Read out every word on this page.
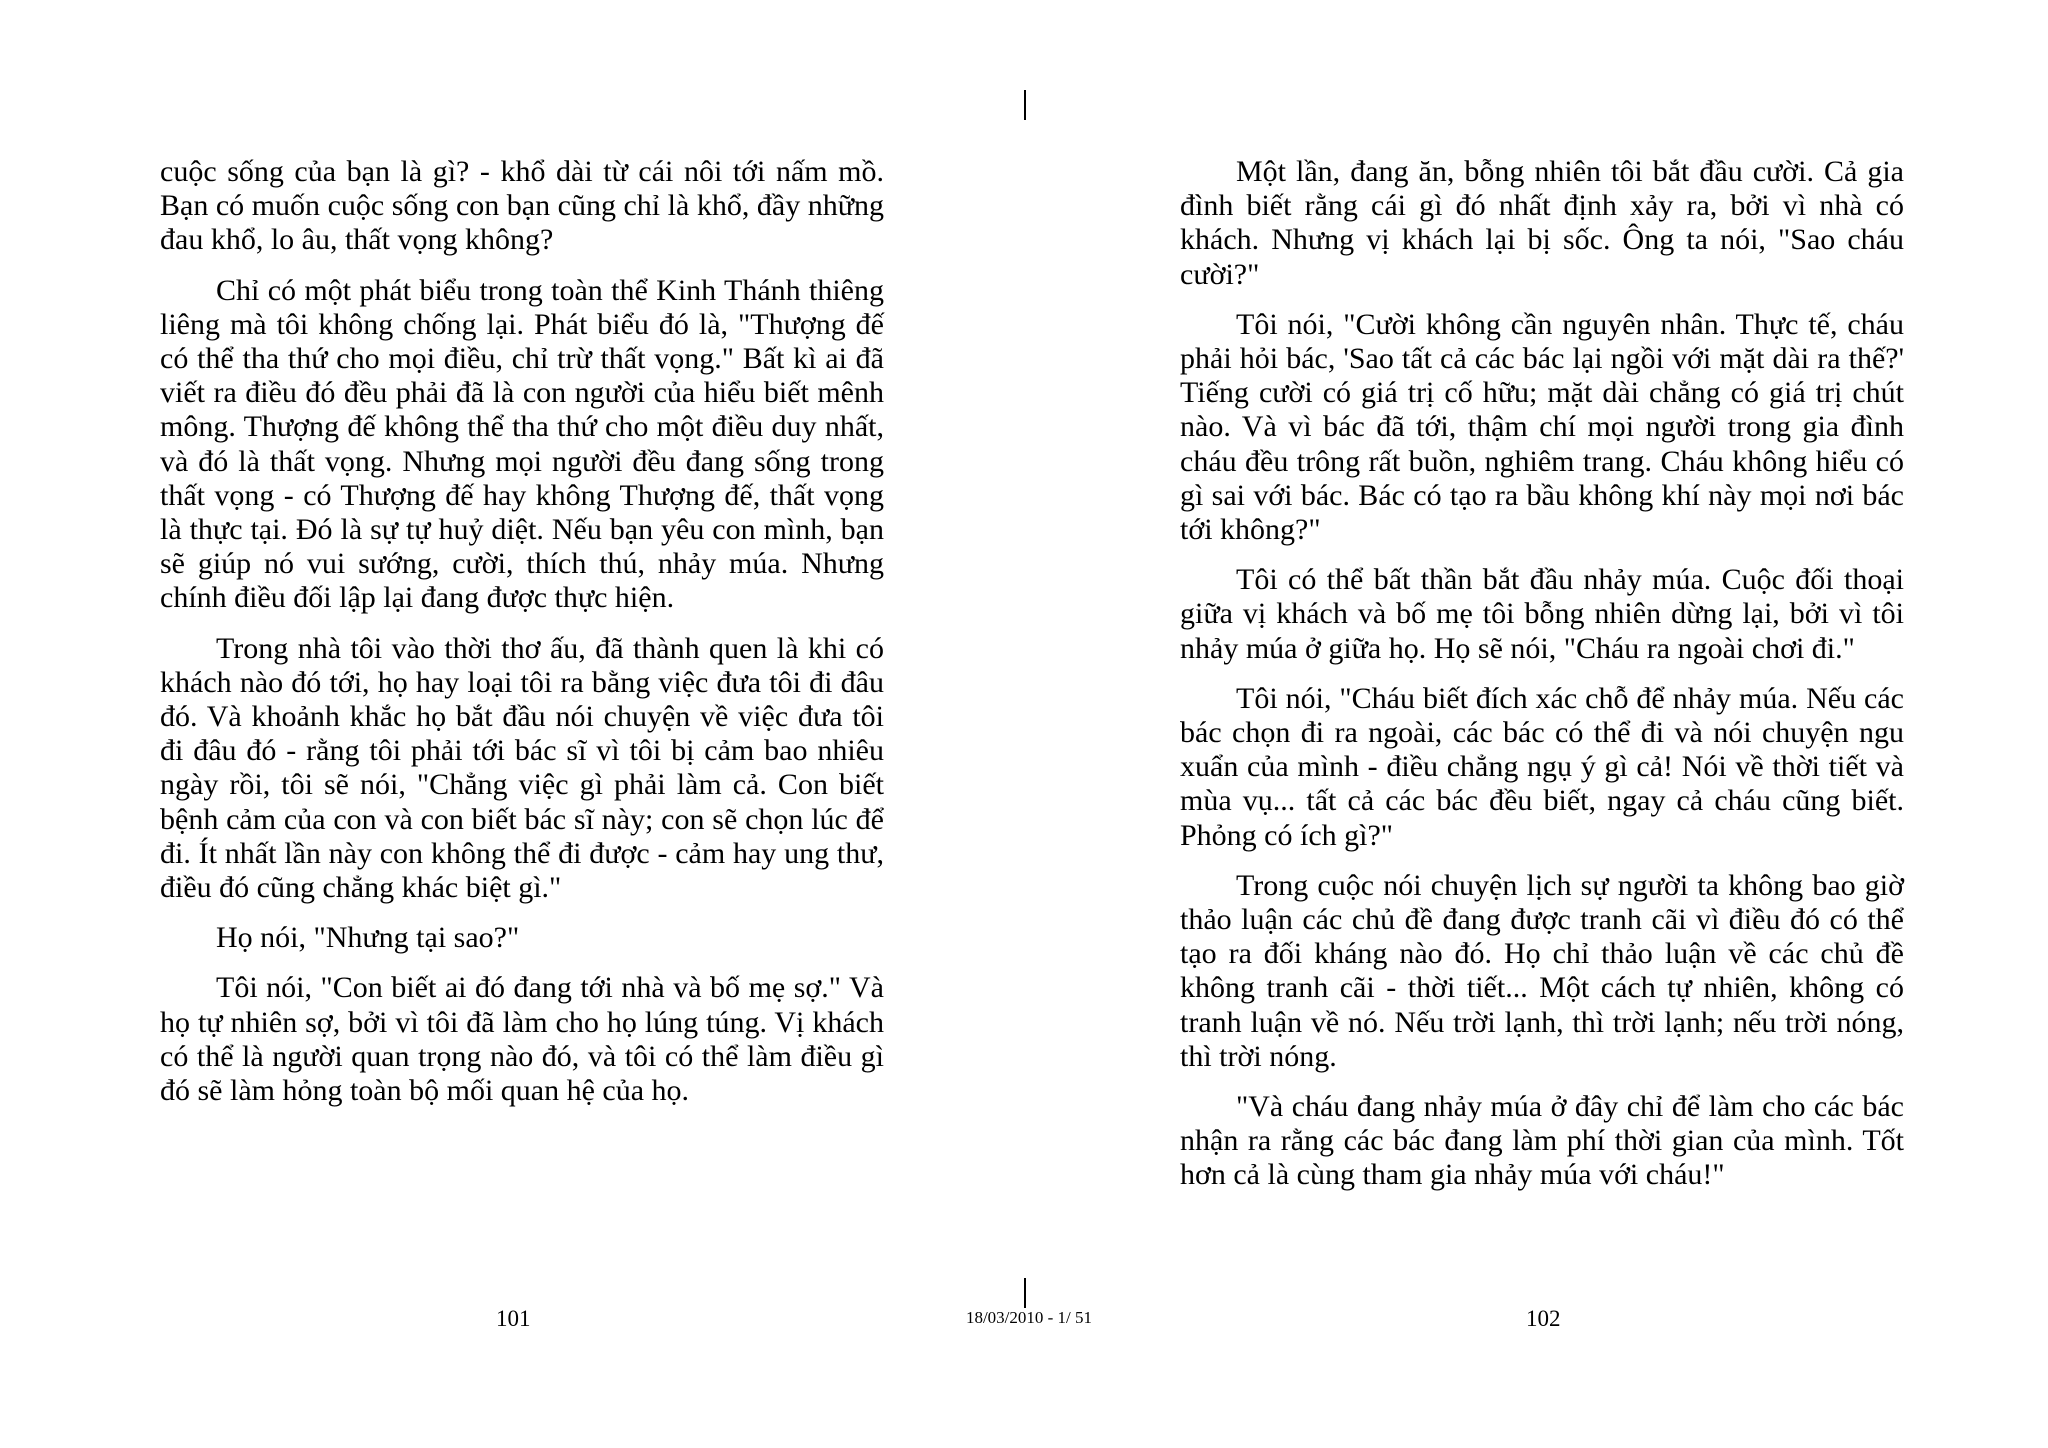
cuộc sống của bạn là gì? - khổ dài từ cái nôi tới nấm mồ. Bạn có muốn cuộc sống con bạn cũng chỉ là khổ, đầy những đau khổ, lo âu, thất vọng không?

Chỉ có một phát biểu trong toàn thể Kinh Thánh thiêng liêng mà tôi không chống lại. Phát biểu đó là, "Thượng đế có thể tha thứ cho mọi điều, chỉ trừ thất vọng." Bất kì ai đã viết ra điều đó đều phải đã là con người của hiểu biết mênh mông. Thượng đế không thể tha thứ cho một điều duy nhất, và đó là thất vọng. Nhưng mọi người đều đang sống trong thất vọng - có Thượng đế hay không Thượng đế, thất vọng là thực tại. Đó là sự tự huỷ diệt. Nếu bạn yêu con mình, bạn sẽ giúp nó vui sướng, cười, thích thú, nhảy múa. Nhưng chính điều đối lập lại đang được thực hiện.

Trong nhà tôi vào thời thơ ấu, đã thành quen là khi có khách nào đó tới, họ hay loại tôi ra bằng việc đưa tôi đi đâu đó. Và khoảnh khắc họ bắt đầu nói chuyện về việc đưa tôi đi đâu đó - rằng tôi phải tới bác sĩ vì tôi bị cảm bao nhiêu ngày rồi, tôi sẽ nói, "Chẳng việc gì phải làm cả. Con biết bệnh cảm của con và con biết bác sĩ này; con sẽ chọn lúc để đi. Ít nhất lần này con không thể đi được - cảm hay ung thư, điều đó cũng chẳng khác biệt gì."

Họ nói, "Nhưng tại sao?"

Tôi nói, "Con biết ai đó đang tới nhà và bố mẹ sợ." Và họ tự nhiên sợ, bởi vì tôi đã làm cho họ lúng túng. Vị khách có thể là người quan trọng nào đó, và tôi có thể làm điều gì đó sẽ làm hỏng toàn bộ mối quan hệ của họ.

Một lần, đang ăn, bỗng nhiên tôi bắt đầu cười. Cả gia đình biết rằng cái gì đó nhất định xảy ra, bởi vì nhà có khách. Nhưng vị khách lại bị sốc. Ông ta nói, "Sao cháu cười?"

Tôi nói, "Cười không cần nguyên nhân. Thực tế, cháu phải hỏi bác, 'Sao tất cả các bác lại ngồi với mặt dài ra thế?' Tiếng cười có giá trị cố hữu; mặt dài chẳng có giá trị chút nào. Và vì bác đã tới, thậm chí mọi người trong gia đình cháu đều trông rất buồn, nghiêm trang. Cháu không hiểu có gì sai với bác. Bác có tạo ra bầu không khí này mọi nơi bác tới không?"

Tôi có thể bất thần bắt đầu nhảy múa. Cuộc đối thoại giữa vị khách và bố mẹ tôi bỗng nhiên dừng lại, bởi vì tôi nhảy múa ở giữa họ. Họ sẽ nói, "Cháu ra ngoài chơi đi."

Tôi nói, "Cháu biết đích xác chỗ để nhảy múa. Nếu các bác chọn đi ra ngoài, các bác có thể đi và nói chuyện ngu xuẩn của mình - điều chẳng ngụ ý gì cả! Nói về thời tiết và mùa vụ... tất cả các bác đều biết, ngay cả cháu cũng biết. Phỏng có ích gì?"

Trong cuộc nói chuyện lịch sự người ta không bao giờ thảo luận các chủ đề đang được tranh cãi vì điều đó có thể tạo ra đối kháng nào đó. Họ chỉ thảo luận về các chủ đề không tranh cãi - thời tiết... Một cách tự nhiên, không có tranh luận về nó. Nếu trời lạnh, thì trời lạnh; nếu trời nóng, thì trời nóng.

"Và cháu đang nhảy múa ở đây chỉ để làm cho các bác nhận ra rằng các bác đang làm phí thời gian của mình. Tốt hơn cả là cùng tham gia nhảy múa với cháu!"

101	18/03/2010 - 1/ 51	102
